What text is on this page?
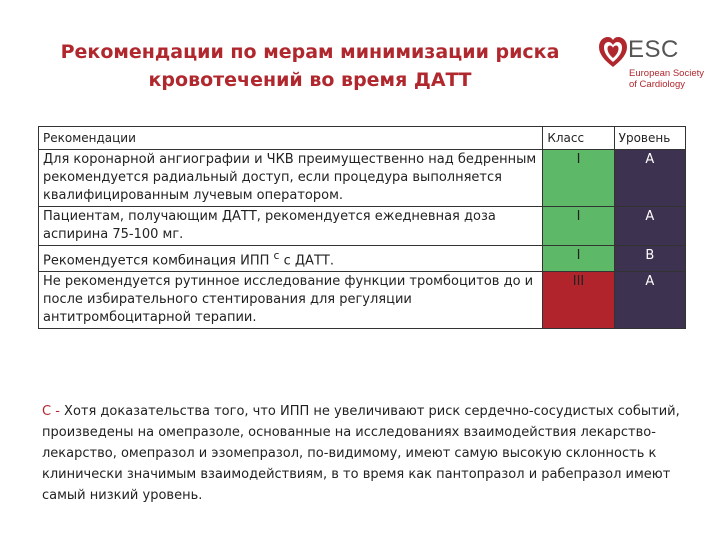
Рекомендации по мерам минимизации риска
кровотечений во время ДАТТ
ESC
European Society
of Cardiology
Рекомендации	Класс	Уровень
Для коронарной ангиографии и ЧКВ преимущественно над бедренным рекомендуется радиальный доступ, если процедура выполняется квалифицированным лучевым оператором.	I	A
Пациентам, получающим ДАТТ, рекомендуется ежедневная доза аспирина 75-100 мг.	I	A
Рекомендуется комбинация ИПП $^c$ с ДАТТ.	I	B
Не рекомендуется рутинное исследование функции тромбоцитов до и после избирательного стентирования для регуляции антитромбоцитарной терапии.	III	A
C - Хотя доказательства того, что ИПП не увеличивают риск сердечно-сосудистых событий, произведены на омепразоле, основанные на исследованиях взаимодействия лекарство-лекарство, омепразол и эзомепразол, по-видимому, имеют самую высокую склонность к клинически значимым взаимодействиям, в то время как пантопразол и рабепразол имеют самый низкий уровень.
